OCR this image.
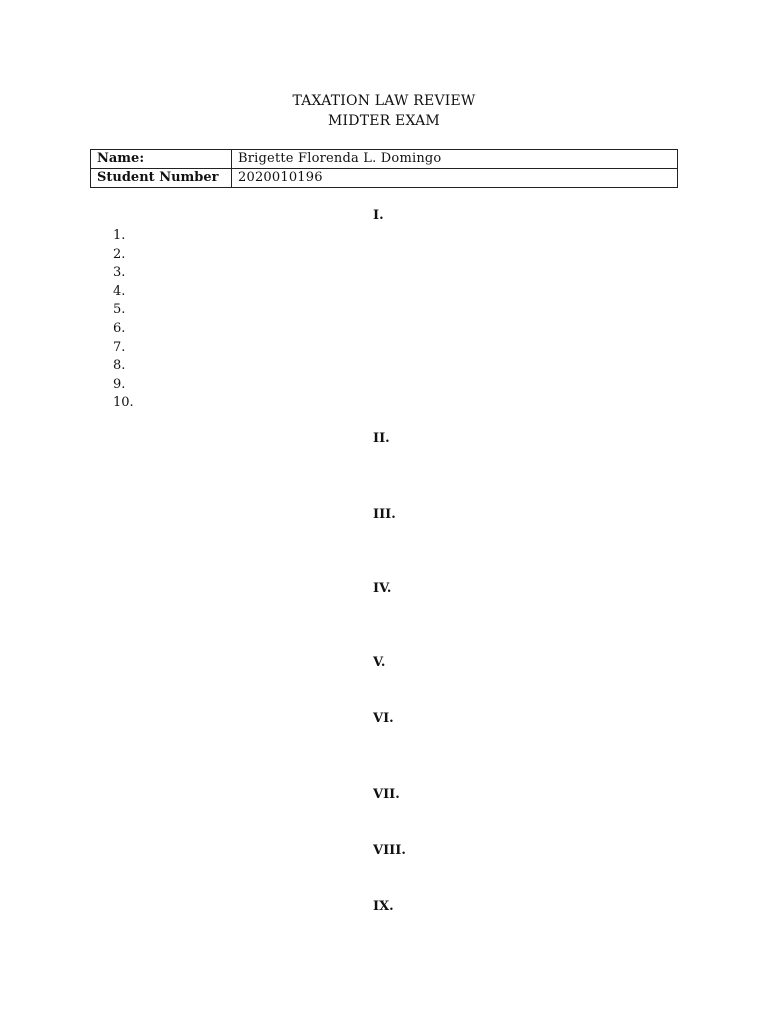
TAXATION LAW REVIEW
MIDTER EXAM
Name:	Brigette Florenda L. Domingo
Student Number	2020010196
I.
1.
2.
3.
4.
5.
6.
7.
8.
9.
10.
II.
III.
IV.
V.
VI.
VII.
VIII.
IX.
